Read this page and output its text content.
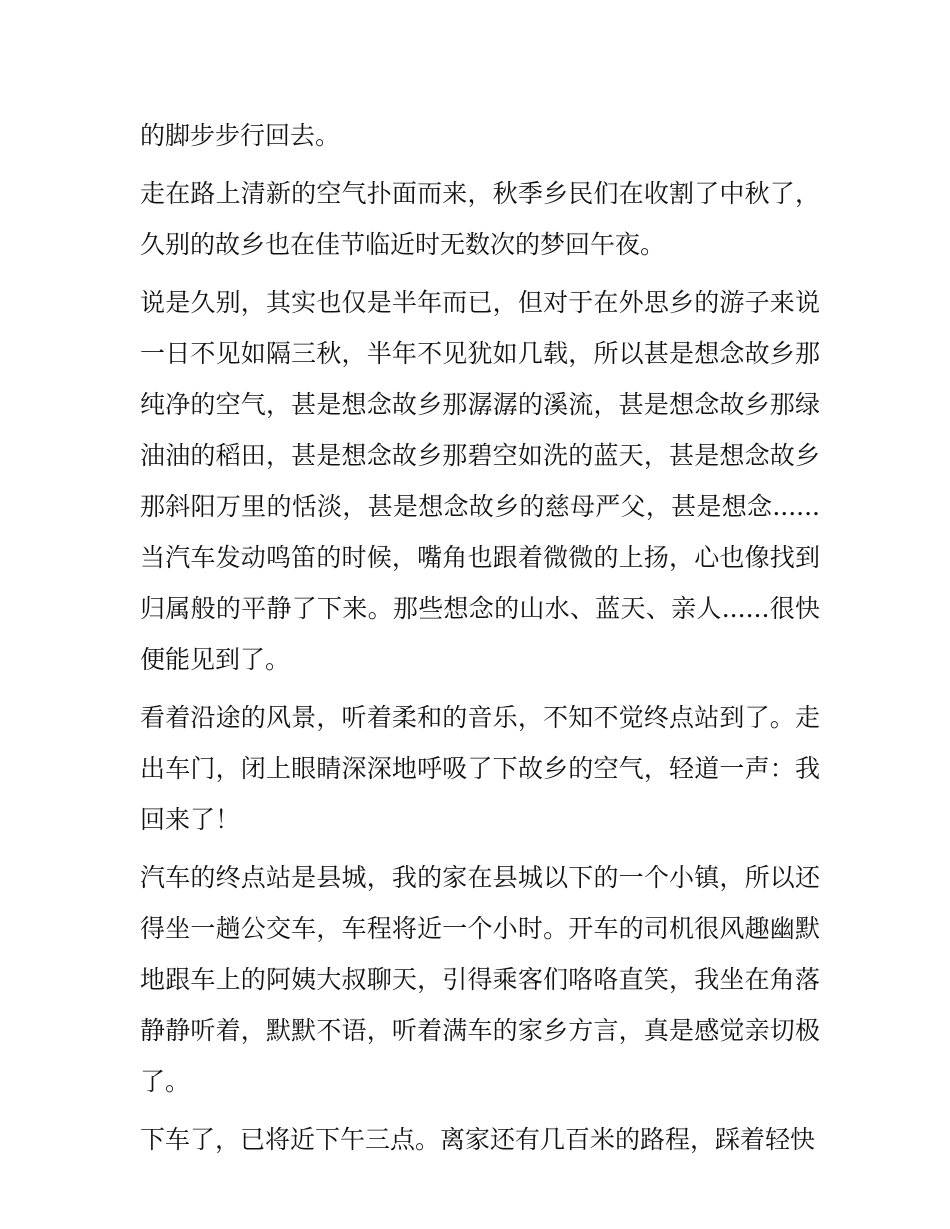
的脚步步行回去。

走在路上清新的空气扑面而来，秋季乡民们在收割了中秋了，久别的故乡也在佳节临近时无数次的梦回午夜。

说是久别，其实也仅是半年而已，但对于在外思乡的游子来说一日不见如隔三秋，半年不见犹如几载，所以甚是想念故乡那纯净的空气，甚是想念故乡那潺潺的溪流，甚是想念故乡那绿油油的稻田，甚是想念故乡那碧空如洗的蓝天，甚是想念故乡那斜阳万里的恬淡，甚是想念故乡的慈母严父，甚是想念......当汽车发动鸣笛的时候，嘴角也跟着微微的上扬，心也像找到归属般的平静了下来。那些想念的山水、蓝天、亲人......很快便能见到了。

看着沿途的风景，听着柔和的音乐，不知不觉终点站到了。走出车门，闭上眼睛深深地呼吸了下故乡的空气，轻道一声：我回来了！

汽车的终点站是县城，我的家在县城以下的一个小镇，所以还得坐一趟公交车，车程将近一个小时。开车的司机很风趣幽默地跟车上的阿姨大叔聊天，引得乘客们咯咯直笑，我坐在角落静静听着，默默不语，听着满车的家乡方言，真是感觉亲切极了。

下车了，已将近下午三点。离家还有几百米的路程，踩着轻快
